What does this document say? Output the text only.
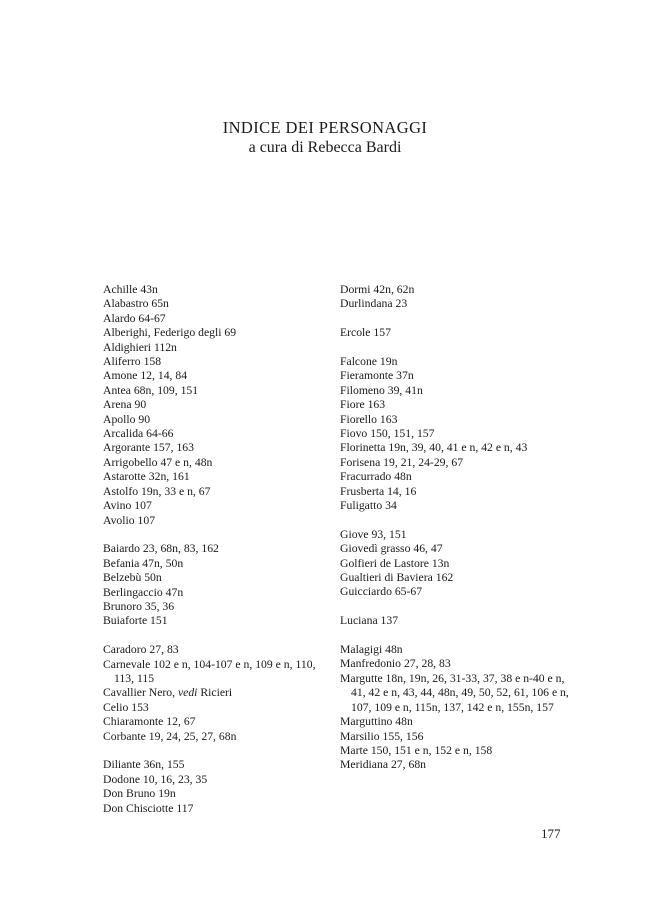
INDICE DEI PERSONAGGI
a cura di Rebecca Bardi
Achille 43n
Alabastro 65n
Alardo 64-67
Alberighi, Federigo degli 69
Aldighieri 112n
Aliferro 158
Amone 12, 14, 84
Antea 68n, 109, 151
Arena 90
Apollo 90
Arcalida 64-66
Argorante 157, 163
Arrigobello 47 e n, 48n
Astarotte 32n, 161
Astolfo 19n, 33 e n, 67
Avino 107
Avolio 107
Baiardo 23, 68n, 83, 162
Befania 47n, 50n
Belzebù 50n
Berlingaccio 47n
Brunoro 35, 36
Buiaforte 151
Caradoro 27, 83
Carnevale 102 e n, 104-107 e n, 109 e n, 110, 113, 115
Cavallier Nero, vedi Ricieri
Celio 153
Chiaramonte 12, 67
Corbante 19, 24, 25, 27, 68n
Diliante 36n, 155
Dodone 10, 16, 23, 35
Don Bruno 19n
Don Chisciotte 117
Dormi 42n, 62n
Durlindana 23
Ercole 157
Falcone 19n
Fieramonte 37n
Filomeno 39, 41n
Fiore 163
Fiorello 163
Fiovo 150, 151, 157
Florinetta 19n, 39, 40, 41 e n, 42 e n, 43
Forisena 19, 21, 24-29, 67
Fracurrado 48n
Frusberta 14, 16
Fuligatto 34
Giove 93, 151
Giovedì grasso 46, 47
Golfieri de Lastore 13n
Gualtieri di Baviera 162
Guicciardo 65-67
Luciana 137
Malagigi 48n
Manfredonio 27, 28, 83
Margutte 18n, 19n, 26, 31-33, 37, 38 e n-40 e n, 41, 42 e n, 43, 44, 48n, 49, 50, 52, 61, 106 e n, 107, 109 e n, 115n, 137, 142 e n, 155n, 157
Marguttino 48n
Marsilio 155, 156
Marte 150, 151 e n, 152 e n, 158
Meridiana 27, 68n
177
